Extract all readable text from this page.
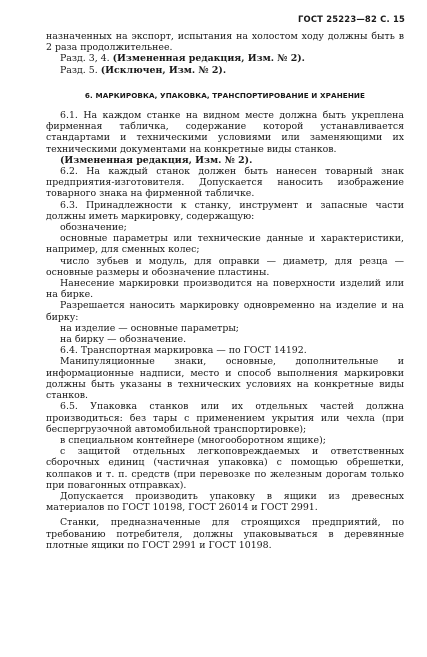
ГОСТ 25223—82 С. 15

назначенных на экспорт, испытания на холостом ходу должны быть в 2 раза продолжительнее.

Разд. 3, 4. (Измененная редакция, Изм. № 2).

Разд. 5. (Исключен, Изм. № 2).

6. МАРКИРОВКА, УПАКОВКА, ТРАНСПОРТИРОВАНИЕ И ХРАНЕНИЕ

6.1. На каждом станке на видном месте должна быть укреплена фирменная табличка, содержание которой устанавливается стандартами и техническими условиями или заменяющими их техническими документами на конкретные виды станков.

(Измененная редакция, Изм. № 2).

6.2. На каждый станок должен быть нанесен товарный знак предприятия-изготовителя. Допускается наносить изображение товарного знака на фирменной табличке.

6.3. Принадлежности к станку, инструмент и запасные части должны иметь маркировку, содержащую:

обозначение;

основные параметры или технические данные и характеристики, например, для сменных колес;

число зубьев и модуль, для оправки — диаметр, для резца — основные размеры и обозначение пластины.

Нанесение маркировки производится на поверхности изделий или на бирке.

Разрешается наносить маркировку одновременно на изделие и на бирку:

на изделие — основные параметры;

на бирку — обозначение.

6.4. Транспортная маркировка — по ГОСТ 14192.

Манипуляционные знаки, основные, дополнительные и информационные надписи, место и способ выполнения маркировки должны быть указаны в технических условиях на конкретные виды станков.

6.5. Упаковка станков или их отдельных частей должна производиться: без тары с применением укрытия или чехла (при беспергрузочной автомобильной транспортировке);

в специальном контейнере (многооборотном ящике);

с защитой отдельных легкоповреждаемых и ответственных сборочных единиц (частичная упаковка) с помощью обрешетки, колпаков и т. п. средств (при перевозке по железным дорогам только при повагонных отправках).

Допускается производить упаковку в ящики из древесных материалов по ГОСТ 10198, ГОСТ 26014 и ГОСТ 2991.

Станки, предназначенные для строящихся предприятий, по требованию потребителя, должны упаковываться в деревянные плотные ящики по ГОСТ 2991 и ГОСТ 10198.
